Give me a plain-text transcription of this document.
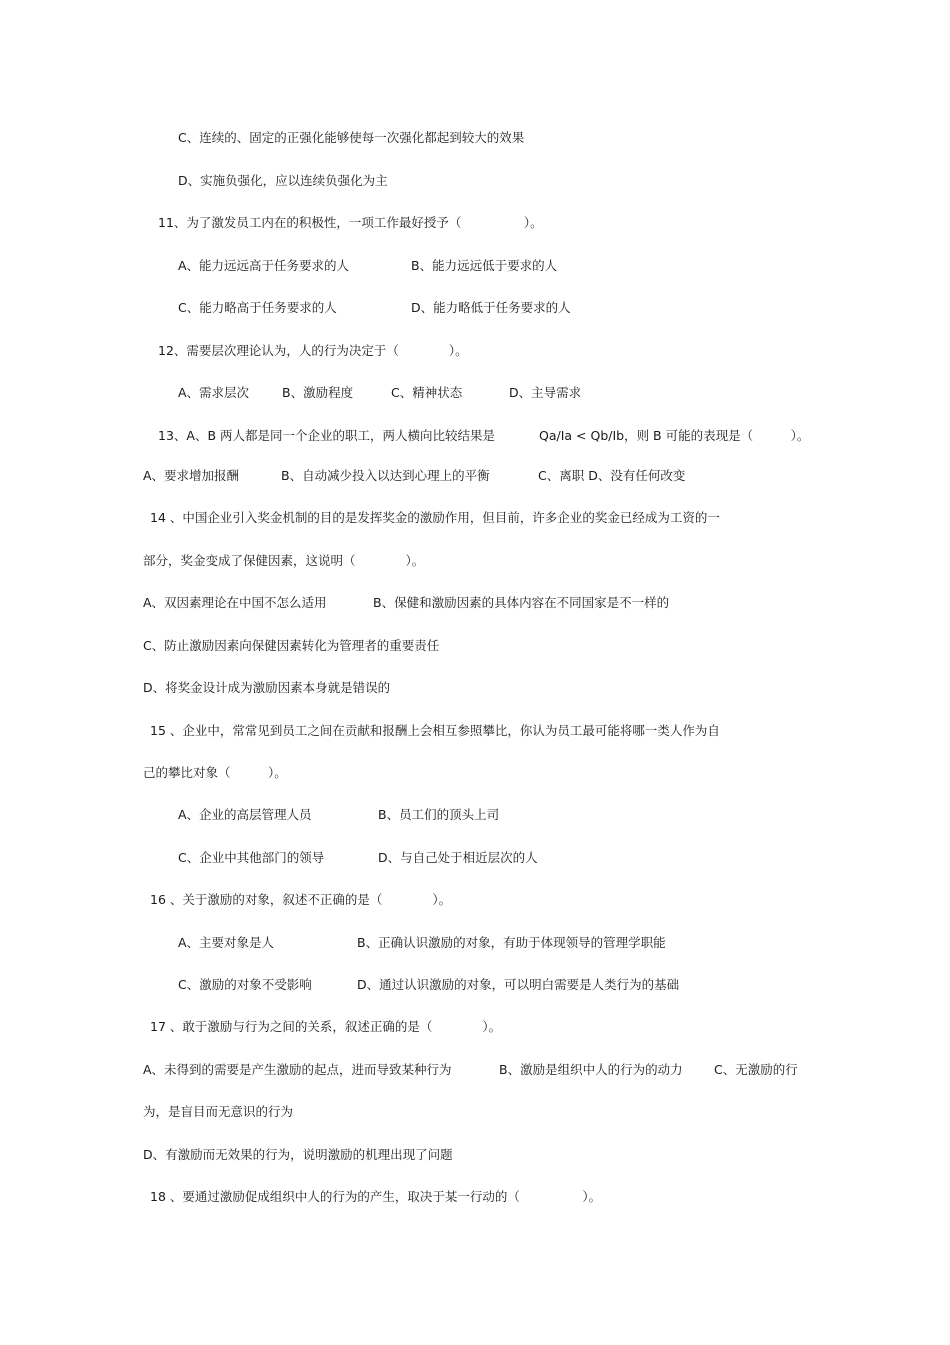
C、连续的、固定的正强化能够使每一次强化都起到较大的效果
D、实施负强化，应以连续负强化为主
11、为了激发员工内在的积极性，一项工作最好授予（　　　　　）。
A、能力远远高于任务要求的人	B、能力远远低于要求的人
C、能力略高于任务要求的人	D、能力略低于任务要求的人
12、需要层次理论认为，人的行为决定于（　　　　）。
A、需求层次	B、激励程度	C、精神状态	D、主导需求
13、A、B 两人都是同一个企业的职工，两人横向比较结果是	Qa/Ia < Qb/Ib，则 B 可能的表现是（　　　）。
A、要求增加报酬	B、自动减少投入以达到心理上的平衡	C、离职 D、没有任何改变
14 、中国企业引入奖金机制的目的是发挥奖金的激励作用，但目前，许多企业的奖金已经成为工资的一
部分，奖金变成了保健因素，这说明（　　　　）。
A、双因素理论在中国不怎么适用	B、保健和激励因素的具体内容在不同国家是不一样的
C、防止激励因素向保健因素转化为管理者的重要责任
D、将奖金设计成为激励因素本身就是错误的
15 、企业中，常常见到员工之间在贡献和报酬上会相互参照攀比，你认为员工最可能将哪一类人作为自
己的攀比对象（　　　）。
A、企业的高层管理人员	B、员工们的顶头上司
C、企业中其他部门的领导	D、与自己处于相近层次的人
16 、关于激励的对象，叙述不正确的是（　　　　）。
A、主要对象是人	B、正确认识激励的对象，有助于体现领导的管理学职能
C、激励的对象不受影响	D、通过认识激励的对象，可以明白需要是人类行为的基础
17 、敢于激励与行为之间的关系，叙述正确的是（　　　　）。
A、未得到的需要是产生激励的起点，进而导致某种行为	B、激励是组织中人的行为的动力	C、无激励的行
为，是盲目而无意识的行为
D、有激励而无效果的行为，说明激励的机理出现了问题
18 、要通过激励促成组织中人的行为的产生，取决于某一行动的（　　　　　）。
